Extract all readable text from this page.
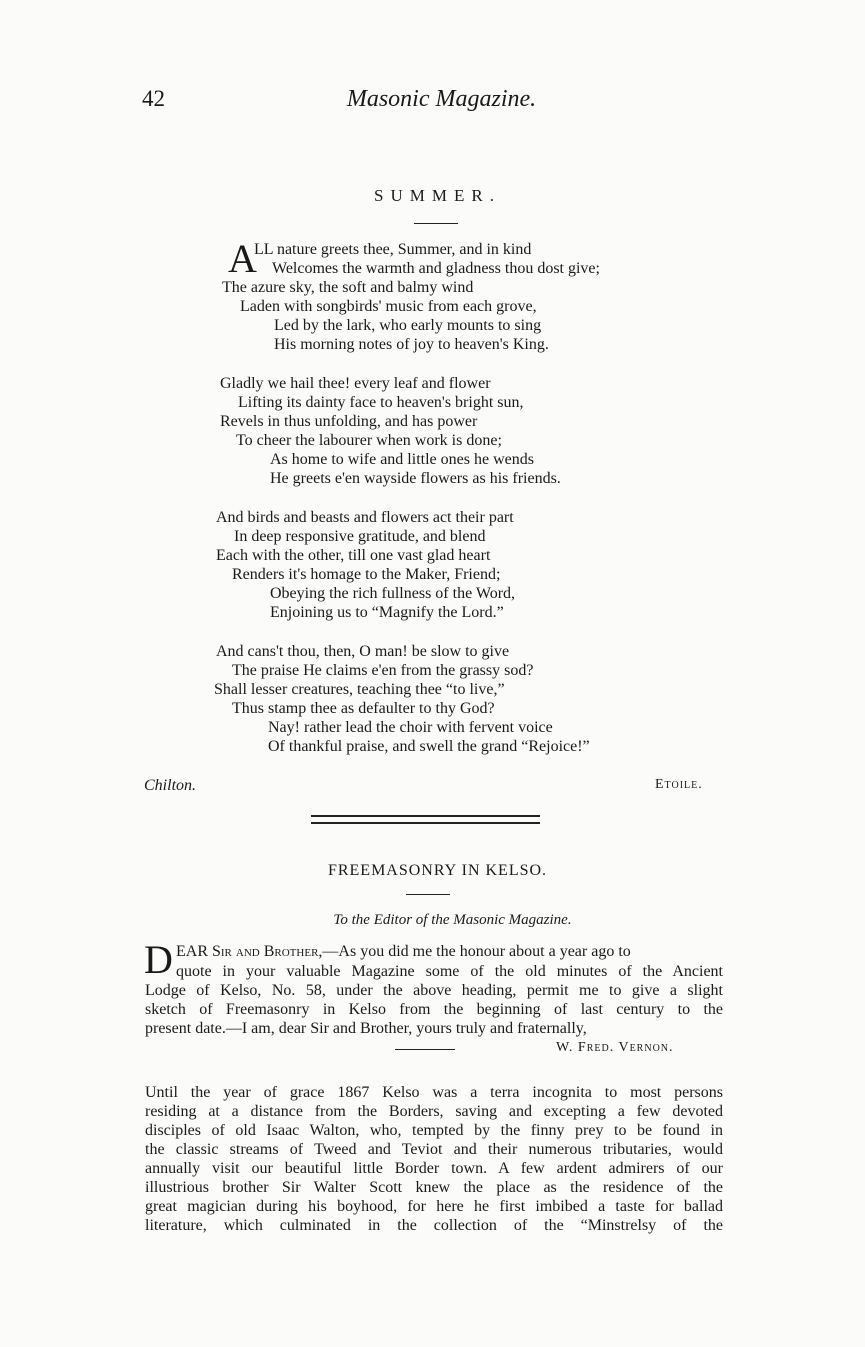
42	Masonic Magazine.
SUMMER.
A
LL nature greets thee, Summer, and in kind
Welcomes the warmth and gladness thou dost give;
The azure sky, the soft and balmy wind
Laden with songbirds' music from each grove,
Led by the lark, who early mounts to sing
His morning notes of joy to heaven's King.
Gladly we hail thee! every leaf and flower
Lifting its dainty face to heaven's bright sun,
Revels in thus unfolding, and has power
To cheer the labourer when work is done;
As home to wife and little ones he wends
He greets e'en wayside flowers as his friends.
And birds and beasts and flowers act their part
In deep responsive gratitude, and blend
Each with the other, till one vast glad heart
Renders it's homage to the Maker, Friend;
Obeying the rich fullness of the Word,
Enjoining us to “Magnify the Lord.”
And cans't thou, then, O man! be slow to give
The praise He claims e'en from the grassy sod?
Shall lesser creatures, teaching thee “to live,”
Thus stamp thee as defaulter to thy God?
Nay! rather lead the choir with fervent voice
Of thankful praise, and swell the grand “Rejoice!”
Chilton.	Etoile.
FREEMASONRY IN KELSO.
To the Editor of the Masonic Magazine.
D EAR Sir and Brother,—As you did me the honour about a year ago to
quote in your valuable Magazine some of the old minutes of the Ancient
Lodge of Kelso, No. 58, under the above heading, permit me to give a slight
sketch of Freemasonry in Kelso from the beginning of last century to the
present date.—I am, dear Sir and Brother, yours truly and fraternally,
W. Fred. Vernon.
Until the year of grace 1867 Kelso was a terra incognita to most persons
residing at a distance from the Borders, saving and excepting a few devoted
disciples of old Isaac Walton, who, tempted by the finny prey to be found in
the classic streams of Tweed and Teviot and their numerous tributaries, would
annually visit our beautiful little Border town. A few ardent admirers of our
illustrious brother Sir Walter Scott knew the place as the residence of the
great magician during his boyhood, for here he first imbibed a taste for ballad
literature, which culminated in the collection of the “Minstrelsy of the
